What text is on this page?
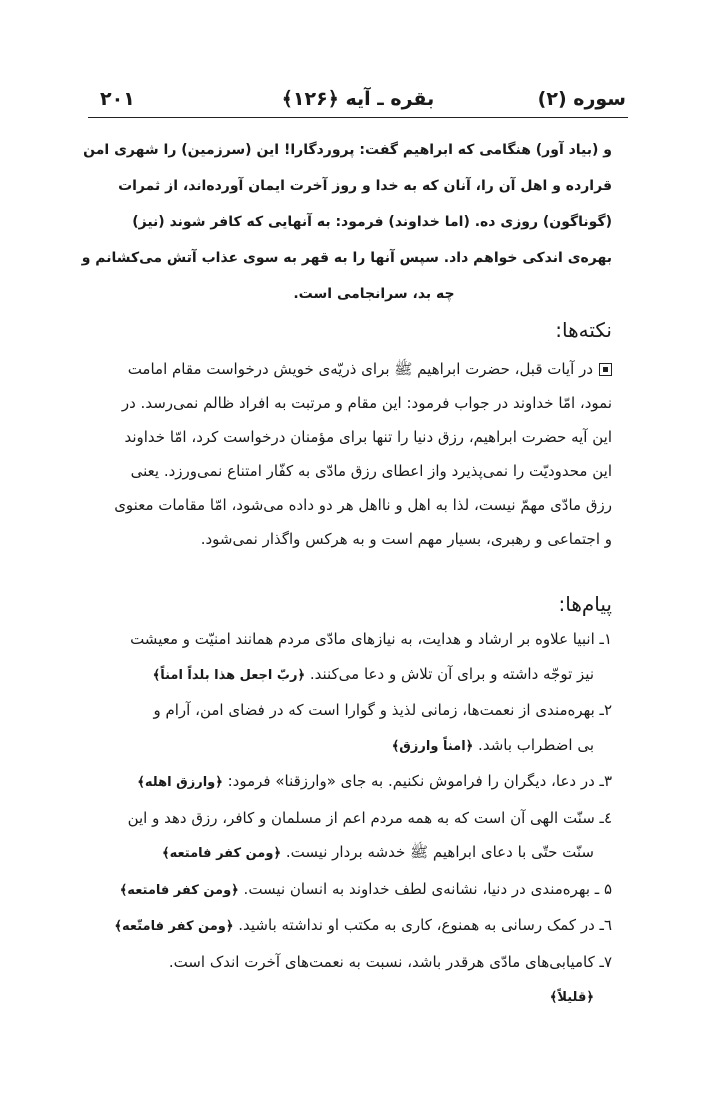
۲۰۱	بقره ـ آیه ﴿۱۲۶﴾	سوره (۲)
و (بیاد آور) هنگامی که ابراهیم گفت: پروردگارا! این (سرزمین) را شهری امن
قرارده و اهل آن را، آنان که به خدا و روز آخرت ایمان آورده‌اند، از ثمرات
(گوناگون) روزی ده. (اما خداوند) فرمود: به آنهایی که کافر شوند (نیز)
بهره‌ی اندکی خواهم داد. سپس آنها را به قهر به سوی عذاب آتش می‌کشانم و
چه بد، سرانجامی است.
نکته‌ها:
در آیات قبل، حضرت ابراهیم ﷺ برای ذریّه‌ی خویش درخواست مقام امامت
نمود، امّا خداوند در جواب فرمود: این مقام و مرتبت به افراد ظالم نمی‌رسد. در
این آیه حضرت ابراهیم، رزق دنیا را تنها برای مؤمنان درخواست کرد، امّا خداوند
این محدودیّت را نمی‌پذیرد واز اعطای رزق مادّی به کفّار امتناع نمی‌ورزد. یعنی
رزق مادّی مهمّ نیست، لذا به اهل و نااهل هر دو داده می‌شود، امّا مقامات معنوی
و اجتماعی و رهبری، بسیار مهم است و به هرکس واگذار نمی‌شود.
پیام‌ها:
۱ـ انبیا علاوه بر ارشاد و هدایت، به نیازهای مادّی مردم همانند امنیّت و معیشت
نیز توجّه داشته و برای آن تلاش و دعا می‌کنند. ﴿ربّ اجعل هذا بلداً امناً﴾
۲ـ بهره‌مندی از نعمت‌ها، زمانی لذیذ و گوارا است که در فضای امن، آرام و
بی اضطراب باشد. ﴿امناً وارزق﴾
۳ـ در دعا، دیگران را فراموش نکنیم. به جای «وارزقنا» فرمود: ﴿وارزق اهله﴾
٤ـ سنّت الهی آن است که به همه مردم اعم از مسلمان و کافر، رزق دهد و این
سنّت حتّی با دعای ابراهیم ﷺ خدشه بردار نیست. ﴿ومن کفر فامتعه﴾
۵ ـ بهره‌مندی در دنیا، نشانه‌ی لطف خداوند به انسان نیست. ﴿ومن کفر فامتعه﴾
٦ـ در کمک رسانی به همنوع، کاری به مکتب او نداشته باشید. ﴿ومن کفر فامتّعه﴾
۷ـ کامیابی‌های مادّی هرقدر باشد، نسبت به نعمت‌های آخرت اندک است.
﴿قلیلاً﴾
